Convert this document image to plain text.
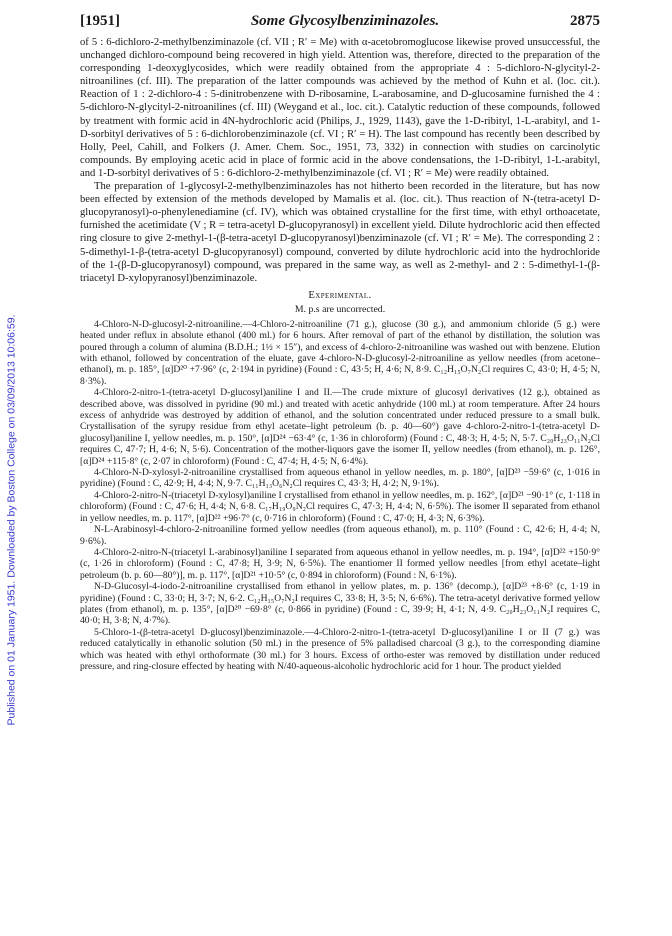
Published on 01 January 1951. Downloaded by Boston College on 03/09/2013 10:06:59.
[1951]	Some Glycosylbenziminazoles.	2875

of 5 : 6-dichloro-2-methylbenziminazole (cf. VII ; R′ = Me) with α-acetobromoglucose likewise proved unsuccessful, the unchanged dichloro-compound being recovered in high yield. Attention was, therefore, directed to the preparation of the corresponding 1-deoxyglycosides, which were readily obtained from the appropriate 4 : 5-dichloro-N-glycityl-2-nitroanilines (cf. III). The preparation of the latter compounds was achieved by the method of Kuhn et al. (loc. cit.). Reaction of 1 : 2-dichloro-4 : 5-dinitrobenzene with D-ribosamine, L-arabosamine, and D-glucosamine furnished the 4 : 5-dichloro-N-glycityl-2-nitroanilines (cf. III) (Weygand et al., loc. cit.). Catalytic reduction of these compounds, followed by treatment with formic acid in 4N-hydrochloric acid (Philips, J., 1929, 1143), gave the 1-D-ribityl, 1-L-arabityl, and 1-D-sorbityl derivatives of 5 : 6-dichlorobenziminazole (cf. VI ; R′ = H). The last compound has recently been described by Holly, Peel, Cahill, and Folkers (J. Amer. Chem. Soc., 1951, 73, 332) in connection with studies on carcinolytic compounds. By employing acetic acid in place of formic acid in the above condensations, the 1-D-ribityl, 1-L-arabityl, and 1-D-sorbityl derivatives of 5 : 6-dichloro-2-methylbenziminazole (cf. VI ; R′ = Me) were readily obtained.

The preparation of 1-glycosyl-2-methylbenziminazoles has not hitherto been recorded in the literature, but has now been effected by extension of the methods developed by Mamalis et al. (loc. cit.). Thus reaction of N-(tetra-acetyl D-glucopyranosyl)-o-phenylenediamine (cf. IV), which was obtained crystalline for the first time, with ethyl orthoacetate, furnished the acetimidate (V ; R = tetra-acetyl D-glucopyranosyl) in excellent yield. Dilute hydrochloric acid then effected ring closure to give 2-methyl-1-(β-tetra-acetyl D-glucopyranosyl)benziminazole (cf. VI ; R′ = Me). The corresponding 2 : 5-dimethyl-1-β-(tetra-acetyl D-glucopyranosyl) compound, converted by dilute hydrochloric acid into the hydrochloride of the 1-(β-D-glucopyranosyl) compound, was prepared in the same way, as well as 2-methyl- and 2 : 5-dimethyl-1-(β-triacetyl D-xylopyranosyl)benziminazole.

Experimental.
M. p.s are uncorrected.

4-Chloro-N-D-glucosyl-2-nitroaniline.—4-Chloro-2-nitroaniline (71 g.), glucose (30 g.), and ammonium chloride (5 g.) were heated under reflux in absolute ethanol (400 ml.) for 6 hours. After removal of part of the ethanol by distillation, the solution was poured through a column of alumina (B.D.H.; 1½ × 15″), and excess of 4-chloro-2-nitroaniline was washed out with benzene. Elution with ethanol, followed by concentration of the eluate, gave 4-chloro-N-D-glucosyl-2-nitroaniline as yellow needles (from acetone–ethanol), m. p. 185°, [α]D²⁰ +7·96° (c, 2·194 in pyridine) (Found : C, 43·5; H, 4·6; N, 8·9. C₁₂H₁₅O₇N₂Cl requires C, 43·0; H, 4·5; N, 8·3%).

4-Chloro-2-nitro-1-(tetra-acetyl D-glucosyl)aniline I and II.—The crude mixture of glucosyl derivatives (12 g.), obtained as described above, was dissolved in pyridine (90 ml.) and treated with acetic anhydride (100 ml.) at room temperature. After 24 hours excess of anhydride was destroyed by addition of ethanol, and the solution concentrated under reduced pressure to a small bulk. Crystallisation of the syrupy residue from ethyl acetate–light petroleum (b. p. 40—60°) gave 4-chloro-2-nitro-1-(tetra-acetyl D-glucosyl)aniline I, yellow needles, m. p. 150°, [α]D²⁴ −63·4° (c, 1·36 in chloroform) (Found : C, 48·3; H, 4·5; N, 5·7. C₂₀H₂₃O₁₁N₂Cl requires C, 47·7; H, 4·6; N, 5·6). Concentration of the mother-liquors gave the isomer II, yellow needles (from ethanol), m. p. 126°, [α]D²⁴ +115·8° (c, 2·07 in chloroform) (Found : C, 47·4; H, 4·5; N, 6·4%).

4-Chloro-N-D-xylosyl-2-nitroaniline crystallised from aqueous ethanol in yellow needles, m. p. 180°, [α]D²³ −59·6° (c, 1·016 in pyridine) (Found : C, 42·9; H, 4·4; N, 9·7. C₁₁H₁₃O₆N₂Cl requires C, 43·3; H, 4·2; N, 9·1%).

4-Chloro-2-nitro-N-(triacetyl D-xylosyl)aniline I crystallised from ethanol in yellow needles, m. p. 162°, [α]D²¹ −90·1° (c, 1·118 in chloroform) (Found : C, 47·6; H, 4·4; N, 6·8. C₁₇H₁₉O₉N₂Cl requires C, 47·3; H, 4·4; N, 6·5%). The isomer II separated from ethanol in yellow needles, m. p. 117°, [α]D²² +96·7° (c, 0·716 in chloroform) (Found : C, 47·0; H, 4·3; N, 6·3%).

N-L-Arabinosyl-4-chloro-2-nitroaniline formed yellow needles (from aqueous ethanol), m. p. 110° (Found : C, 42·6; H, 4·4; N, 9·6%).

4-Chloro-2-nitro-N-(triacetyl L-arabinosyl)aniline I separated from aqueous ethanol in yellow needles, m. p. 194°, [α]D²² +150·9° (c, 1·26 in chloroform) (Found : C, 47·8; H, 3·9; N, 6·5%). The enantiomer II formed yellow needles [from ethyl acetate–light petroleum (b. p. 60—80°)], m. p. 117°, [α]D²¹ +10·5° (c, 0·894 in chloroform) (Found : N, 6·1%).

N-D-Glucosyl-4-iodo-2-nitroaniline crystallised from ethanol in yellow plates, m. p. 136° (decomp.), [α]D²³ +8·6° (c, 1·19 in pyridine) (Found : C, 33·0; H, 3·7; N, 6·2. C₁₂H₁₅O₇N₂I requires C, 33·8; H, 3·5; N, 6·6%). The tetra-acetyl derivative formed yellow plates (from ethanol), m. p. 135°, [α]D²⁰ −69·8° (c, 0·866 in pyridine) (Found : C, 39·9; H, 4·1; N, 4·9. C₂₀H₂₃O₁₁N₂I requires C, 40·0; H, 3·8; N, 4·7%).

5-Chloro-1-(β-tetra-acetyl D-glucosyl)benziminazole.—4-Chloro-2-nitro-1-(tetra-acetyl D-glucosyl)aniline I or II (7 g.) was reduced catalytically in ethanolic solution (50 ml.) in the presence of 5% palladised charcoal (3 g.), to the corresponding diamine which was heated with ethyl orthoformate (30 ml.) for 3 hours. Excess of ortho-ester was removed by distillation under reduced pressure, and ring-closure effected by heating with N/40-aqueous-alcoholic hydrochloric acid for 1 hour. The product yielded
